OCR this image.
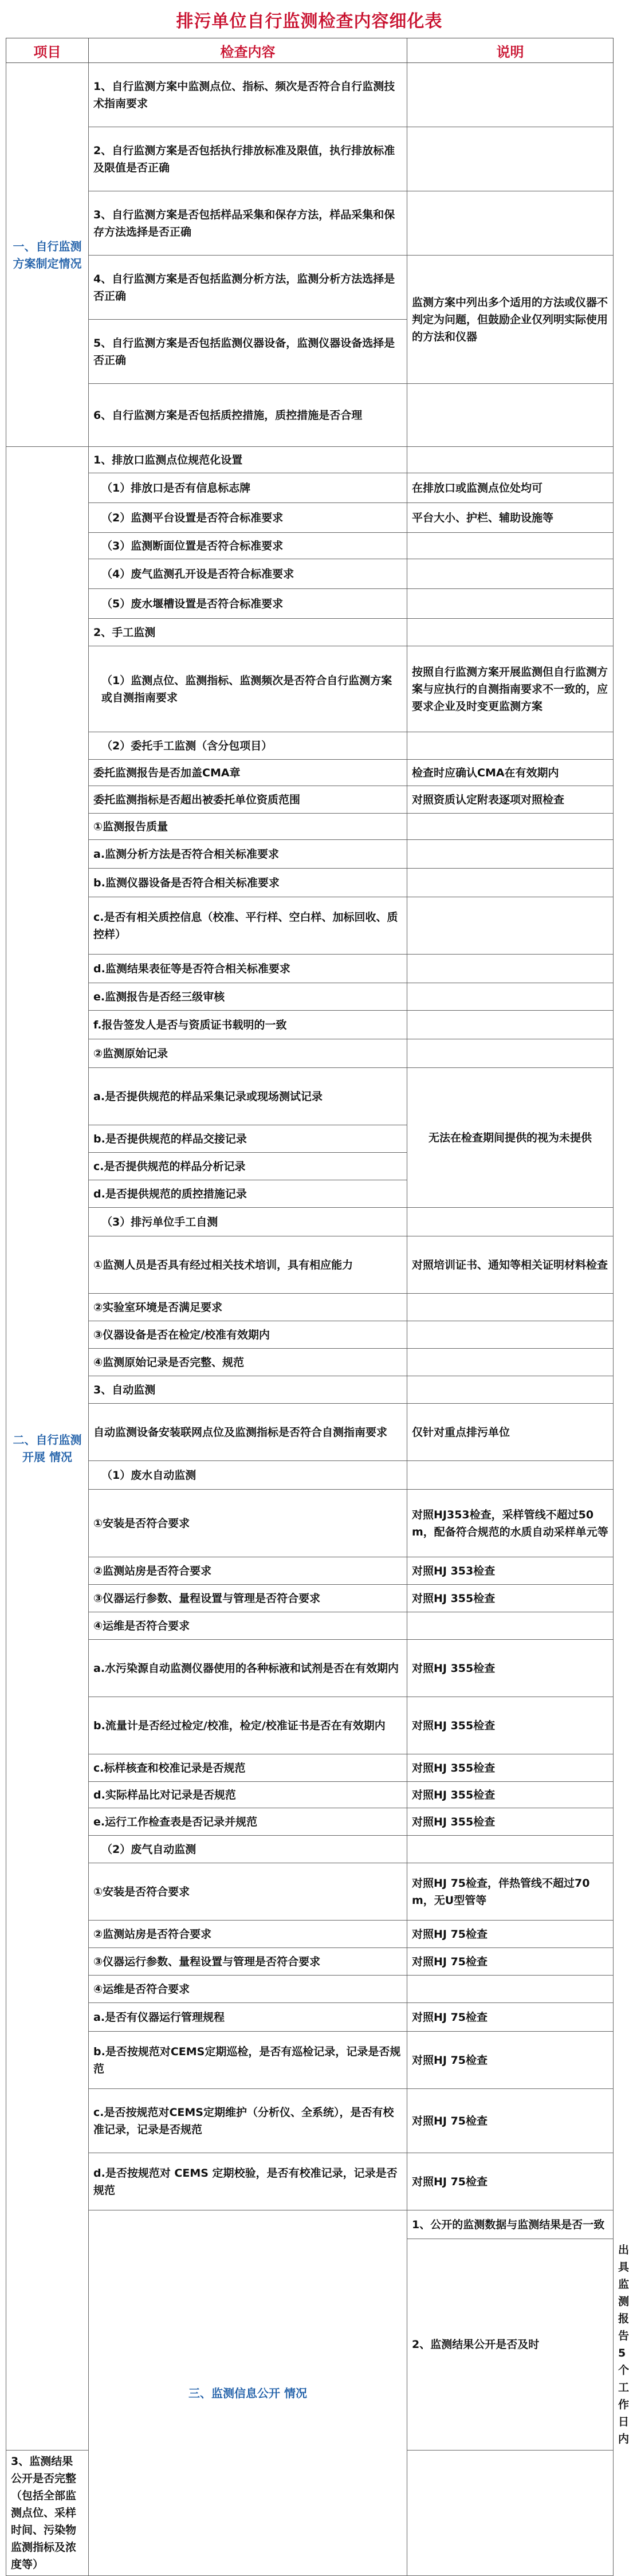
排污单位自行监测检查内容细化表
项目	检查内容	说明	
一、自行监测方案制定情况	1、自行监测方案中监测点位、指标、频次是否符合自行监测技术指南要求		
	2、自行监测方案是否包括执行排放标准及限值，执行排放标准及限值是否正确		
	3、自行监测方案是否包括样品采集和保存方法，样品采集和保存方法选择是否正确		
	4、自行监测方案是否包括监测分析方法，监测分析方法选择是否正确	监测方案中列出多个适用的方法或仪器不判定为问题，但鼓励企业仅列明实际使用的方法和仪器	
	5、自行监测方案是否包括监测仪器设备，监测仪器设备选择是否正确		
	6、自行监测方案是否包括质控措施，质控措施是否合理		
二、自行监测开展 情况	1、排放口监测点位规范化设置		
	（1）排放口是否有信息标志牌	在排放口或监测点位处均可	
	（2）监测平台设置是否符合标准要求	平台大小、护栏、辅助设施等	
	（3）监测断面位置是否符合标准要求		
	（4）废气监测孔开设是否符合标准要求		
	（5）废水堰槽设置是否符合标准要求		
	2、手工监测		
	（1）监测点位、监测指标、监测频次是否符合自行监测方案或自测指南要求	按照自行监测方案开展监测但自行监测方案与应执行的自测指南要求不一致的，应要求企业及时变更监测方案	
	（2）委托手工监测（含分包项目）		
	委托监测报告是否加盖CMA章	检查时应确认CMA在有效期内	
	委托监测指标是否超出被委托单位资质范围	对照资质认定附表逐项对照检查	
	①监测报告质量		
	a.监测分析方法是否符合相关标准要求		
	b.监测仪器设备是否符合相关标准要求		
	c.是否有相关质控信息（校准、平行样、空白样、加标回收、质控样）		
	d.监测结果表征等是否符合相关标准要求		
	e.监测报告是否经三级审核		
	f.报告签发人是否与资质证书载明的一致		
	②监测原始记录		
	a.是否提供规范的样品采集记录或现场测试记录	无法在检查期间提供的视为未提供	
	b.是否提供规范的样品交接记录		
	c.是否提供规范的样品分析记录		
	d.是否提供规范的质控措施记录		
	（3）排污单位手工自测		
	①监测人员是否具有经过相关技术培训，具有相应能力	对照培训证书、通知等相关证明材料检查	
	②实验室环境是否满足要求		
	③仪器设备是否在检定/校准有效期内		
	④监测原始记录是否完整、规范		
	3、自动监测		
	自动监测设备安装联网点位及监测指标是否符合自测指南要求	仅针对重点排污单位	
	（1）废水自动监测		
	①安装是否符合要求	对照HJ353检查，采样管线不超过50m，配备符合规范的水质自动采样单元等	
	②监测站房是否符合要求	对照HJ 353检查	
	③仪器运行参数、量程设置与管理是否符合要求	对照HJ 355检查	
	④运维是否符合要求		
	a.水污染源自动监测仪器使用的各种标液和试剂是否在有效期内	对照HJ 355检查	
	b.流量计是否经过检定/校准，检定/校准证书是否在有效期内	对照HJ 355检查	
	c.标样核查和校准记录是否规范	对照HJ 355检查	
	d.实际样品比对记录是否规范	对照HJ 355检查	
	e.运行工作检查表是否记录并规范	对照HJ 355检查	
	（2）废气自动监测		
	①安装是否符合要求	对照HJ 75检查，伴热管线不超过70m，无U型管等	
	②监测站房是否符合要求	对照HJ 75检查	
	③仪器运行参数、量程设置与管理是否符合要求	对照HJ 75检查	
	④运维是否符合要求		
	a.是否有仪器运行管理规程	对照HJ 75检查	
	b.是否按规范对CEMS定期巡检，是否有巡检记录，记录是否规范	对照HJ 75检查	
	c.是否按规范对CEMS定期维护（分析仪、全系统），是否有校准记录，记录是否规范	对照HJ 75检查	
	d.是否按规范对 CEMS 定期校验，是否有校准记录，记录是否规范	对照HJ 75检查	
	三、监测信息公开 情况	1、公开的监测数据与监测结果是否一致	
		2、监测结果公开是否及时	出具监测报告5个工作日内
3、监测结果公开是否完整（包括全部监测点位、采样时间、污染物监测指标及浓度等）			
